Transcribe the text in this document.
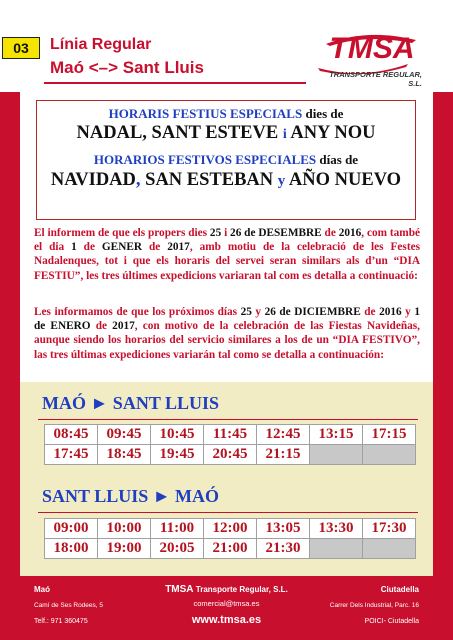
03	Línia Regular
Maó <–> Sant Lluis
TMSA
TRANSPORTE REGULAR, S.L.
HORARIS FESTIUS ESPECIALS dies de
NADAL, SANT ESTEVE i ANY NOU
HORARIOS FESTIVOS ESPECIALES días de
NAVIDAD, SAN ESTEBAN y AÑO NUEVO
El informem de que els propers dies 25 i 26 de DESEMBRE de 2016, com també el dia 1 de GENER de 2017, amb motiu de la celebració de les Festes Nadalenques, tot i que els horaris del servei seran similars als d’un “DIA FESTIU”, les tres últimes expedicions variaran tal com es detalla a continuació:
Les informamos de que los próximos días 25 y 26 de DICIEMBRE de 2016 y 1 de ENERO de 2017, con motivo de la celebración de las Fiestas Navideñas, aunque siendo los horarios del servicio similares a los de un “DIA FESTIVO”, las tres últimas expediciones variarán tal como se detalla a continuación:
MAÓ ► SANT LLUIS
08:45	09:45	10:45	11:45	12:45	13:15	17:15
17:45	18:45	19:45	20:45	21:15		
SANT LLUIS ► MAÓ
09:00	10:00	11:00	12:00	13:05	13:30	17:30
18:00	19:00	20:05	21:00	21:30		
Maó
Camí de Ses Rodees, 5
Telf.: 971 360475
TMSA Transporte Regular, S.L.
comercial@tmsa.es
www.tmsa.es
Ciutadella
Carrer Dels Industrial, Parc. 16
POICI- Ciutadella
